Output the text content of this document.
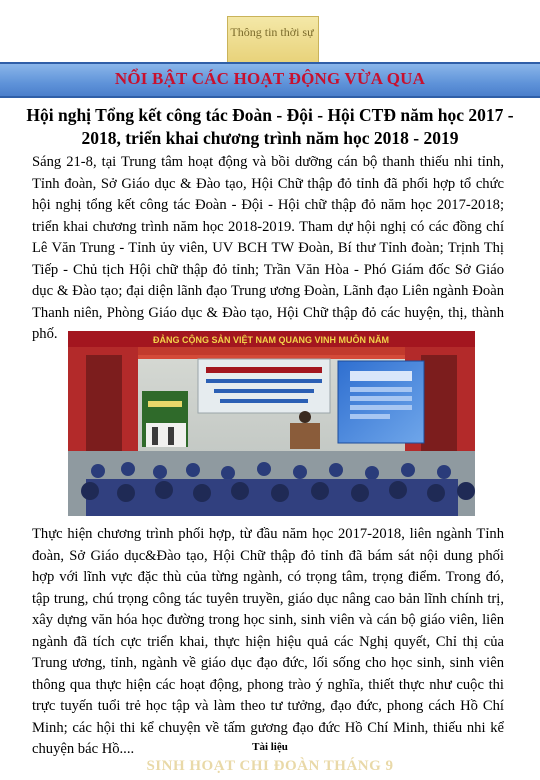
Thông tin thời sự
NỔI BẬT CÁC HOẠT ĐỘNG VỪA QUA
Hội nghị Tổng kết công tác Đoàn - Đội - Hội CTĐ năm học 2017 - 2018, triển khai chương trình năm học 2018 - 2019
Sáng 21-8, tại Trung tâm hoạt động và bồi dưỡng cán bộ thanh thiếu nhi tỉnh, Tỉnh đoàn, Sở Giáo dục & Đào tạo, Hội Chữ thập đỏ tỉnh đã phối hợp tổ chức hội nghị tổng kết công tác Đoàn - Đội - Hội chữ thập đỏ năm học 2017-2018; triển khai chương trình năm học 2018-2019. Tham dự hội nghị có các đồng chí Lê Văn Trung - Tỉnh ủy viên, UV BCH TW Đoàn, Bí thư Tỉnh đoàn; Trịnh Thị Tiếp - Chủ tịch Hội chữ thập đỏ tỉnh; Trần Văn Hòa - Phó Giám đốc Sở Giáo dục & Đào tạo; đại diện lãnh đạo Trung ương Đoàn, Lãnh đạo Liên ngành Đoàn Thanh niên, Phòng Giáo dục & Đào tạo, Hội Chữ thập đỏ các huyện, thị, thành phố.	ĐẢNG CỘNG SẢN VIỆT NAM QUANG VINH MUÔN NĂM
Thực hiện chương trình phối hợp, từ đầu năm học 2017-2018, liên ngành Tỉnh đoàn, Sở Giáo dục&Đào tạo, Hội Chữ thập đỏ tỉnh đã bám sát nội dung phối hợp với lĩnh vực đặc thù của từng ngành, có trọng tâm, trọng điểm. Trong đó, tập trung, chú trọng công tác tuyên truyền, giáo dục nâng cao bản lĩnh chính trị, xây dựng văn hóa học đường trong học sinh, sinh viên và cán bộ giáo viên, liên ngành đã tích cực triển khai, thực hiện hiệu quả các Nghị quyết, Chỉ thị của Trung ương, tỉnh, ngành về giáo dục đạo đức, lối sống cho học sinh, sinh viên thông qua thực hiện các hoạt động, phong trào ý nghĩa, thiết thực như cuộc thi trực tuyến tuổi trẻ học tập và làm theo tư tưởng, đạo đức, phong cách Hồ Chí Minh; các hội thi kể chuyện về tấm gương đạo đức Hồ Chí Minh, thiếu nhi kể chuyện bác Hồ....	Tài liệu
SINH HOẠT CHI ĐOÀN THÁNG 9
